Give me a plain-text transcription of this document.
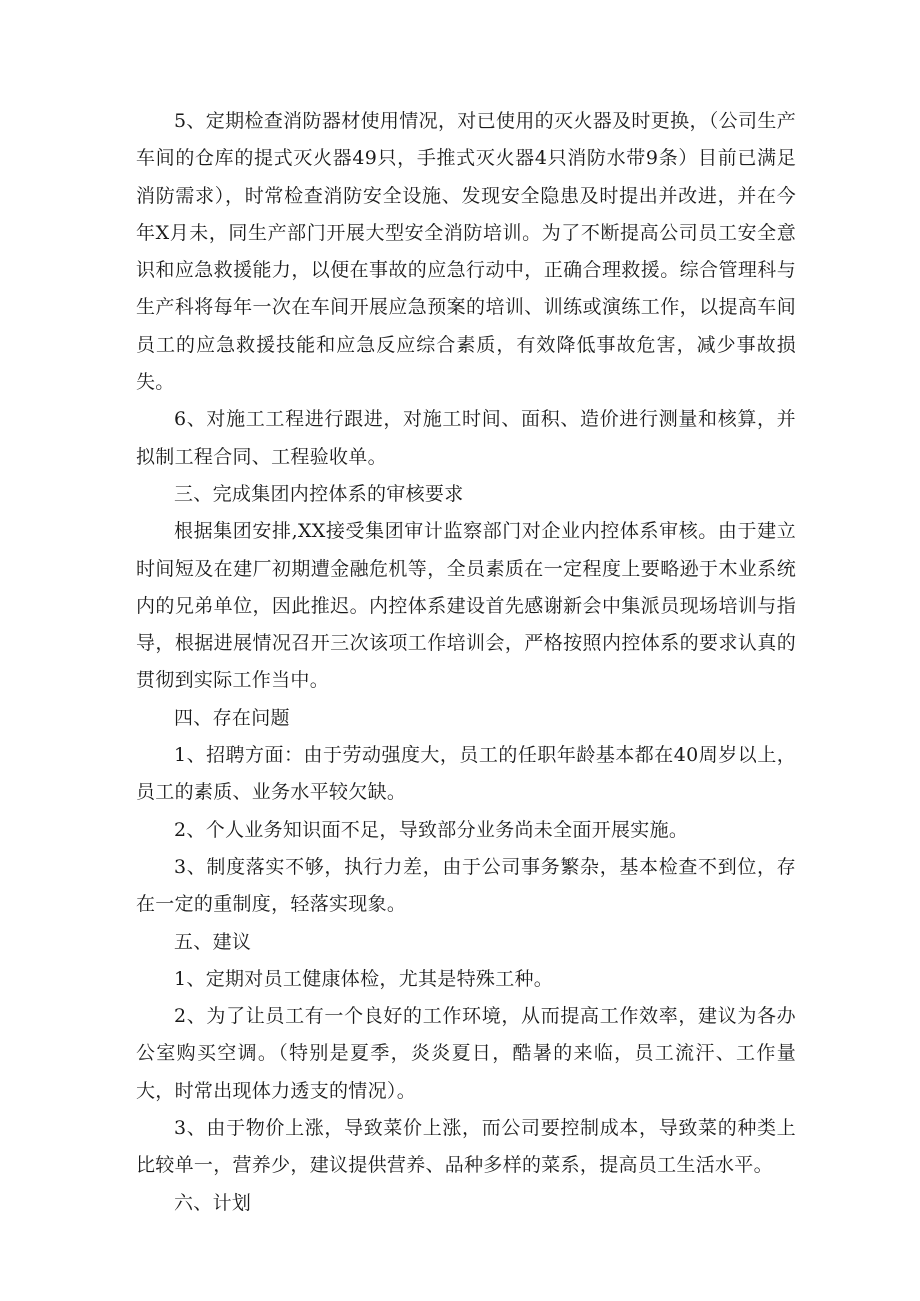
5、定期检查消防器材使用情况，对已使用的灭火器及时更换，（公司生产车间的仓库的提式灭火器49只，手推式灭火器4只消防水带9条）目前已满足消防需求），时常检查消防安全设施、发现安全隐患及时提出并改进，并在今年X月未，同生产部门开展大型安全消防培训。为了不断提高公司员工安全意识和应急救援能力，以便在事故的应急行动中，正确合理救援。综合管理科与生产科将每年一次在车间开展应急预案的培训、训练或演练工作，以提高车间员工的应急救援技能和应急反应综合素质，有效降低事故危害，减少事故损失。

6、对施工工程进行跟进，对施工时间、面积、造价进行测量和核算，并拟制工程合同、工程验收单。

三、完成集团内控体系的审核要求

根据集团安排,XX接受集团审计监察部门对企业内控体系审核。由于建立时间短及在建厂初期遭金融危机等，全员素质在一定程度上要略逊于木业系统内的兄弟单位，因此推迟。内控体系建设首先感谢新会中集派员现场培训与指导，根据进展情况召开三次该项工作培训会，严格按照内控体系的要求认真的贯彻到实际工作当中。

四、存在问题

1、招聘方面：由于劳动强度大，员工的任职年龄基本都在40周岁以上，员工的素质、业务水平较欠缺。

2、个人业务知识面不足，导致部分业务尚未全面开展实施。

3、制度落实不够，执行力差，由于公司事务繁杂，基本检查不到位，存在一定的重制度，轻落实现象。

五、建议

1、定期对员工健康体检，尤其是特殊工种。

2、为了让员工有一个良好的工作环境，从而提高工作效率，建议为各办公室购买空调。（特别是夏季，炎炎夏日，酷暑的来临，员工流汗、工作量大，时常出现体力透支的情况）。

3、由于物价上涨，导致菜价上涨，而公司要控制成本，导致菜的种类上比较单一，营养少，建议提供营养、品种多样的菜系，提高员工生活水平。

六、计划
